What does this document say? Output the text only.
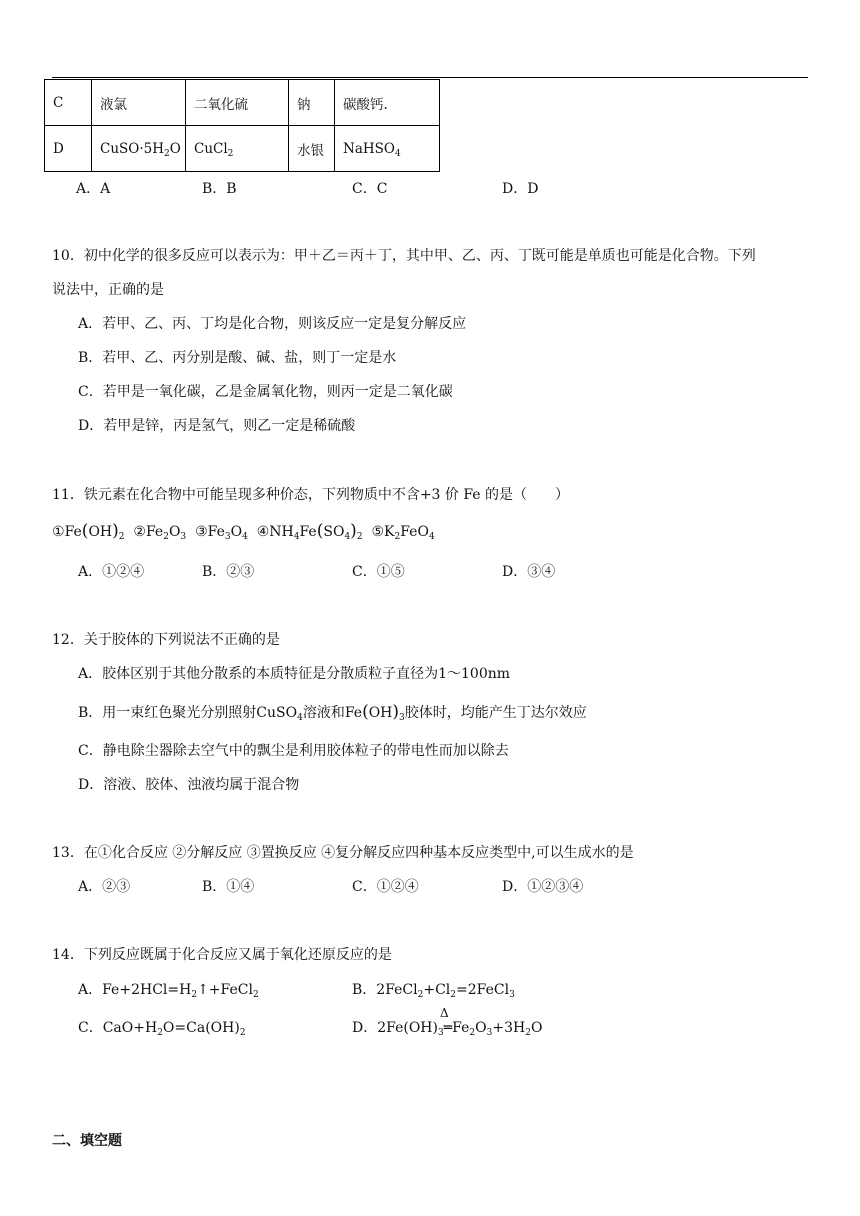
C	液氯	二氧化硫	钠	碳酸钙.
D	$CuSO\cdot 5H_2O$	CuCl$_2$	水银	NaHSO$_4$
A．A	B．B	C．C	D．D
10．初中化学的很多反应可以表示为：甲＋乙＝丙＋丁，其中甲、乙、丙、丁既可能是单质也可能是化合物。下列
说法中，正确的是
A．若甲、乙、丙、丁均是化合物，则该反应一定是复分解反应
B．若甲、乙、丙分别是酸、碱、盐，则丁一定是水
C．若甲是一氧化碳，乙是金属氧化物，则丙一定是二氧化碳
D．若甲是锌，丙是氢气，则乙一定是稀硫酸
11．铁元素在化合物中可能呈现多种价态，下列物质中不含+3 价 Fe 的是（　　）
$①Fe(OH)_2$ $②Fe_2O_3$ $③Fe_3O_4$ $④NH_4Fe(SO_4)_2$ $⑤K_2FeO_4$
A．①②④	B．②③	C．①⑤	D．③④
12．关于胶体的下列说法不正确的是
A．胶体区别于其他分散系的本质特征是分散质粒子直径为1～100nm
B．用一束红色聚光分别照射CuSO$_4$溶液和$Fe(OH)_3$胶体时，均能产生丁达尔效应
C．静电除尘器除去空气中的飘尘是利用胶体粒子的带电性而加以除去
D．溶液、胶体、浊液均属于混合物
13．在①化合反应 ②分解反应 ③置换反应 ④复分解反应四种基本反应类型中,可以生成水的是
A．②③	B．①④	C．①②④	D．①②③④
14．下列反应既属于化合反应又属于氧化还原反应的是
A．$Fe+2HCl=H_2↑+FeCl_2$	B．$2FeCl_2+Cl_2=2FeCl_3$
C．$CaO+H_2O=Ca(OH)_2$
Δ
D．$2Fe(OH)_3═Fe_2O_3+3H_2O$
二、填空题
